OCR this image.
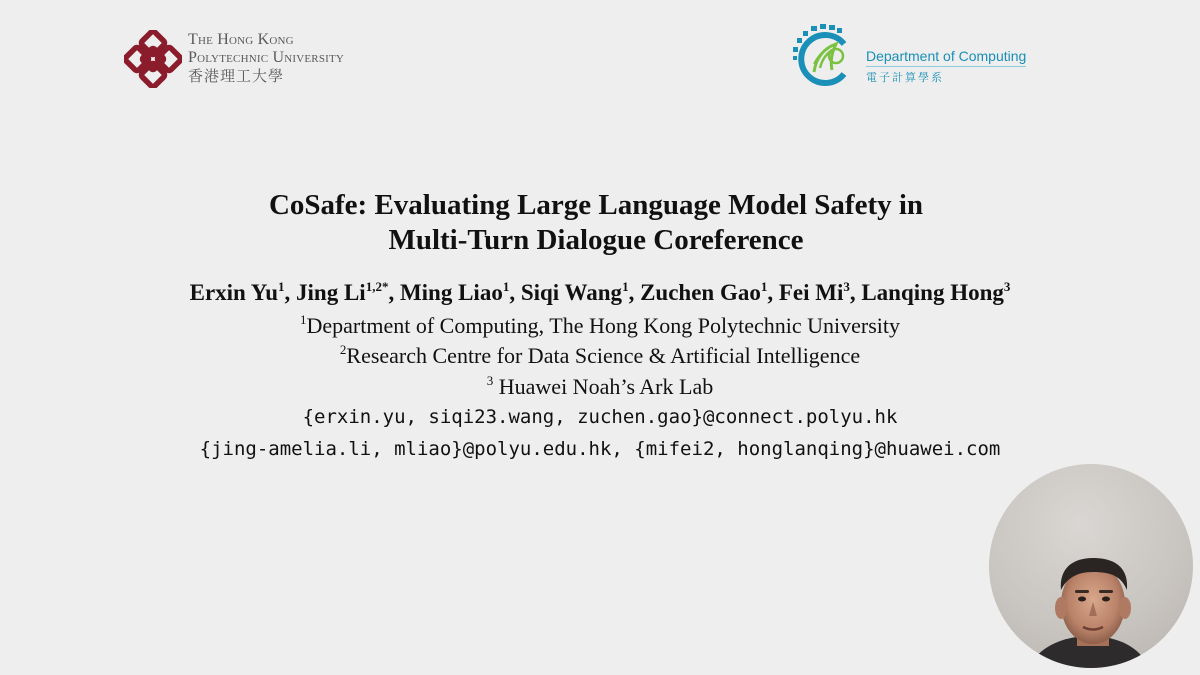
The Hong Kong
Polytechnic University
香港理工大學
Department of Computing
電子計算學系
CoSafe: Evaluating Large Language Model Safety in
Multi-Turn Dialogue Coreference
Erxin Yu$^1$, Jing $Li^{1,2*}$, Ming Liao$^1$, Siqi Wang$^1$, Zuchen Gao$^1$, Fei Mi$^3$, Lanqing Hong$^3$
$^1$Department of Computing, The Hong Kong Polytechnic University
$^2$Research Centre for Data Science & Artificial Intelligence
$^3$ Huawei Noah’s Ark Lab
{erxin.yu, siqi23.wang, zuchen.gao}@connect.polyu.hk
{jing-amelia.li, mliao}@polyu.edu.hk, {mifei2, honglanqing}@huawei.com
